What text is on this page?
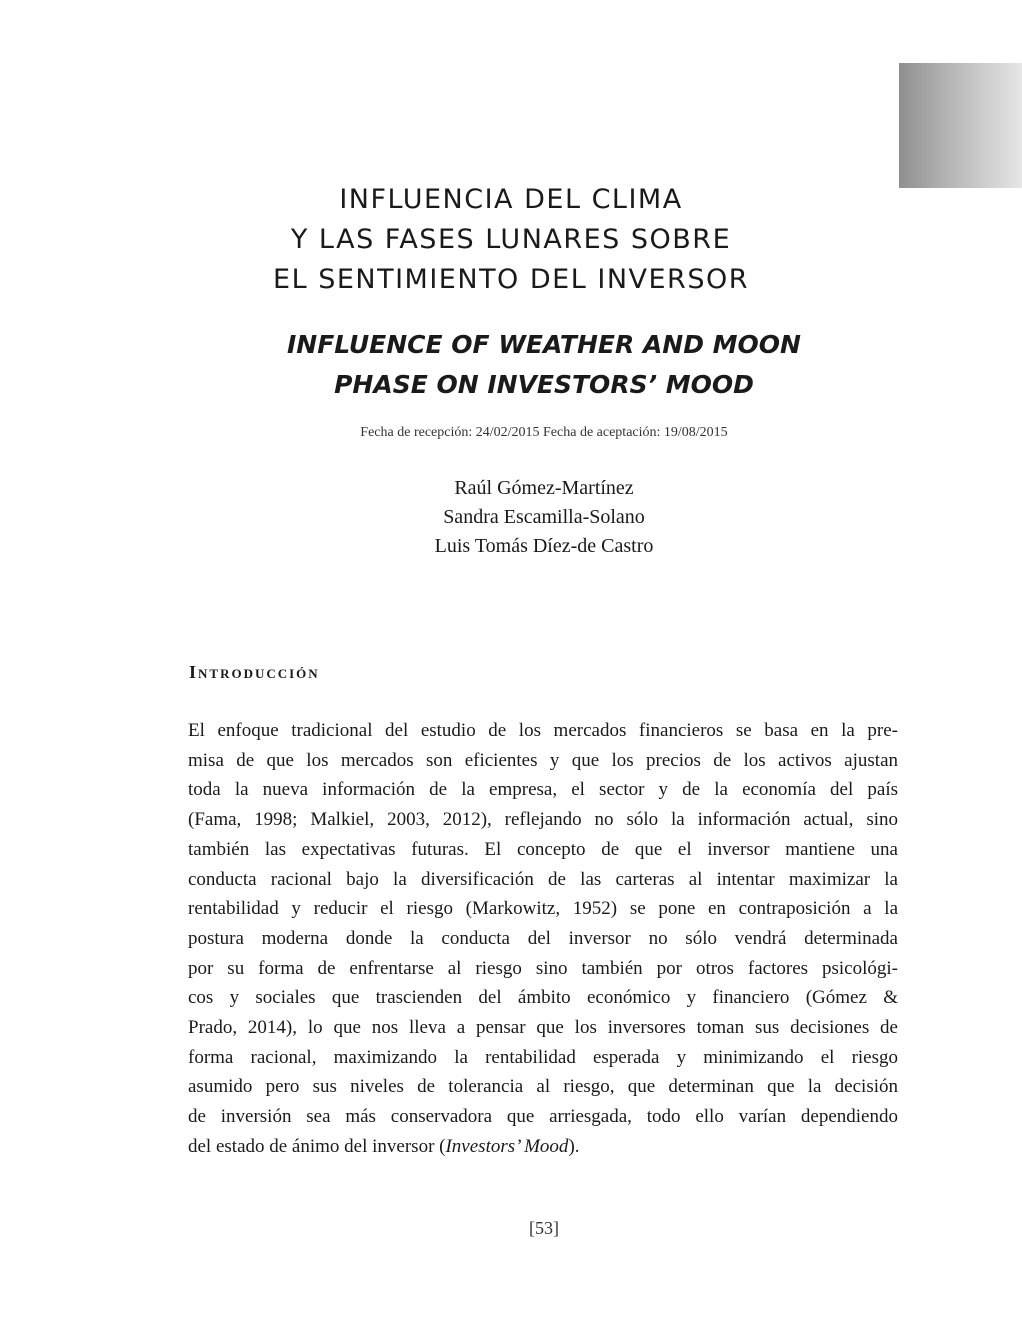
INFLUENCIA DEL CLIMA
Y LAS FASES LUNARES SOBRE
EL SENTIMIENTO DEL INVERSOR
INFLUENCE OF WEATHER AND MOON
PHASE ON INVESTORS’ MOOD

Fecha de recepción: 24/02/2015 Fecha de aceptación: 19/08/2015

Raúl Gómez-Martínez
Sandra Escamilla-Solano
Luis Tomás Díez-de Castro
Introducción
El enfoque tradicional del estudio de los mercados financieros se basa en la pre-
misa de que los mercados son eficientes y que los precios de los activos ajustan
toda la nueva información de la empresa, el sector y de la economía del país
(Fama, 1998; Malkiel, 2003, 2012), reflejando no sólo la información actual, sino
también las expectativas futuras. El concepto de que el inversor mantiene una
conducta racional bajo la diversificación de las carteras al intentar maximizar la
rentabilidad y reducir el riesgo (Markowitz, 1952) se pone en contraposición a la
postura moderna donde la conducta del inversor no sólo vendrá determinada
por su forma de enfrentarse al riesgo sino también por otros factores psicológi-
cos y sociales que trascienden del ámbito económico y financiero (Gómez &
Prado, 2014), lo que nos lleva a pensar que los inversores toman sus decisiones de
forma racional, maximizando la rentabilidad esperada y minimizando el riesgo
asumido pero sus niveles de tolerancia al riesgo, que determinan que la decisión
de inversión sea más conservadora que arriesgada, todo ello varían dependiendo
del estado de ánimo del inversor (Investors’ Mood).
[53]
